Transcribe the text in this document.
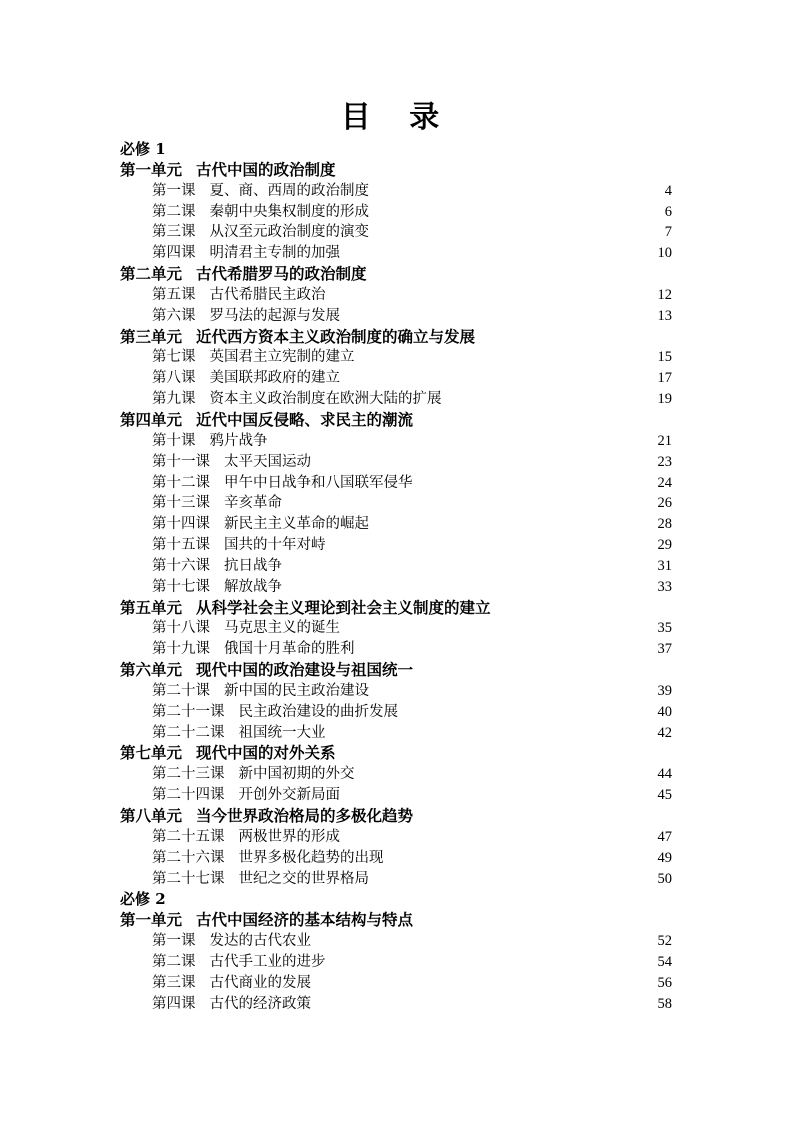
目 录
必修 1
第一单元 古代中国的政治制度
第一课 夏、商、西周的政治制度	4
第二课 秦朝中央集权制度的形成	6
第三课 从汉至元政治制度的演变	7
第四课 明清君主专制的加强	10
第二单元 古代希腊罗马的政治制度
第五课 古代希腊民主政治	12
第六课 罗马法的起源与发展	13
第三单元 近代西方资本主义政治制度的确立与发展
第七课 英国君主立宪制的建立	15
第八课 美国联邦政府的建立	17
第九课 资本主义政治制度在欧洲大陆的扩展	19
第四单元 近代中国反侵略、求民主的潮流
第十课 鸦片战争	21
第十一课 太平天国运动	23
第十二课 甲午中日战争和八国联军侵华	24
第十三课 辛亥革命	26
第十四课 新民主主义革命的崛起	28
第十五课 国共的十年对峙	29
第十六课 抗日战争	31
第十七课 解放战争	33
第五单元 从科学社会主义理论到社会主义制度的建立
第十八课 马克思主义的诞生	35
第十九课 俄国十月革命的胜利	37
第六单元 现代中国的政治建设与祖国统一
第二十课 新中国的民主政治建设	39
第二十一课 民主政治建设的曲折发展	40
第二十二课 祖国统一大业	42
第七单元 现代中国的对外关系
第二十三课 新中国初期的外交	44
第二十四课 开创外交新局面	45
第八单元 当今世界政治格局的多极化趋势
第二十五课 两极世界的形成	47
第二十六课 世界多极化趋势的出现	49
第二十七课 世纪之交的世界格局	50
必修 2
第一单元 古代中国经济的基本结构与特点
第一课 发达的古代农业	52
第二课 古代手工业的进步	54
第三课 古代商业的发展	56
第四课 古代的经济政策	58
